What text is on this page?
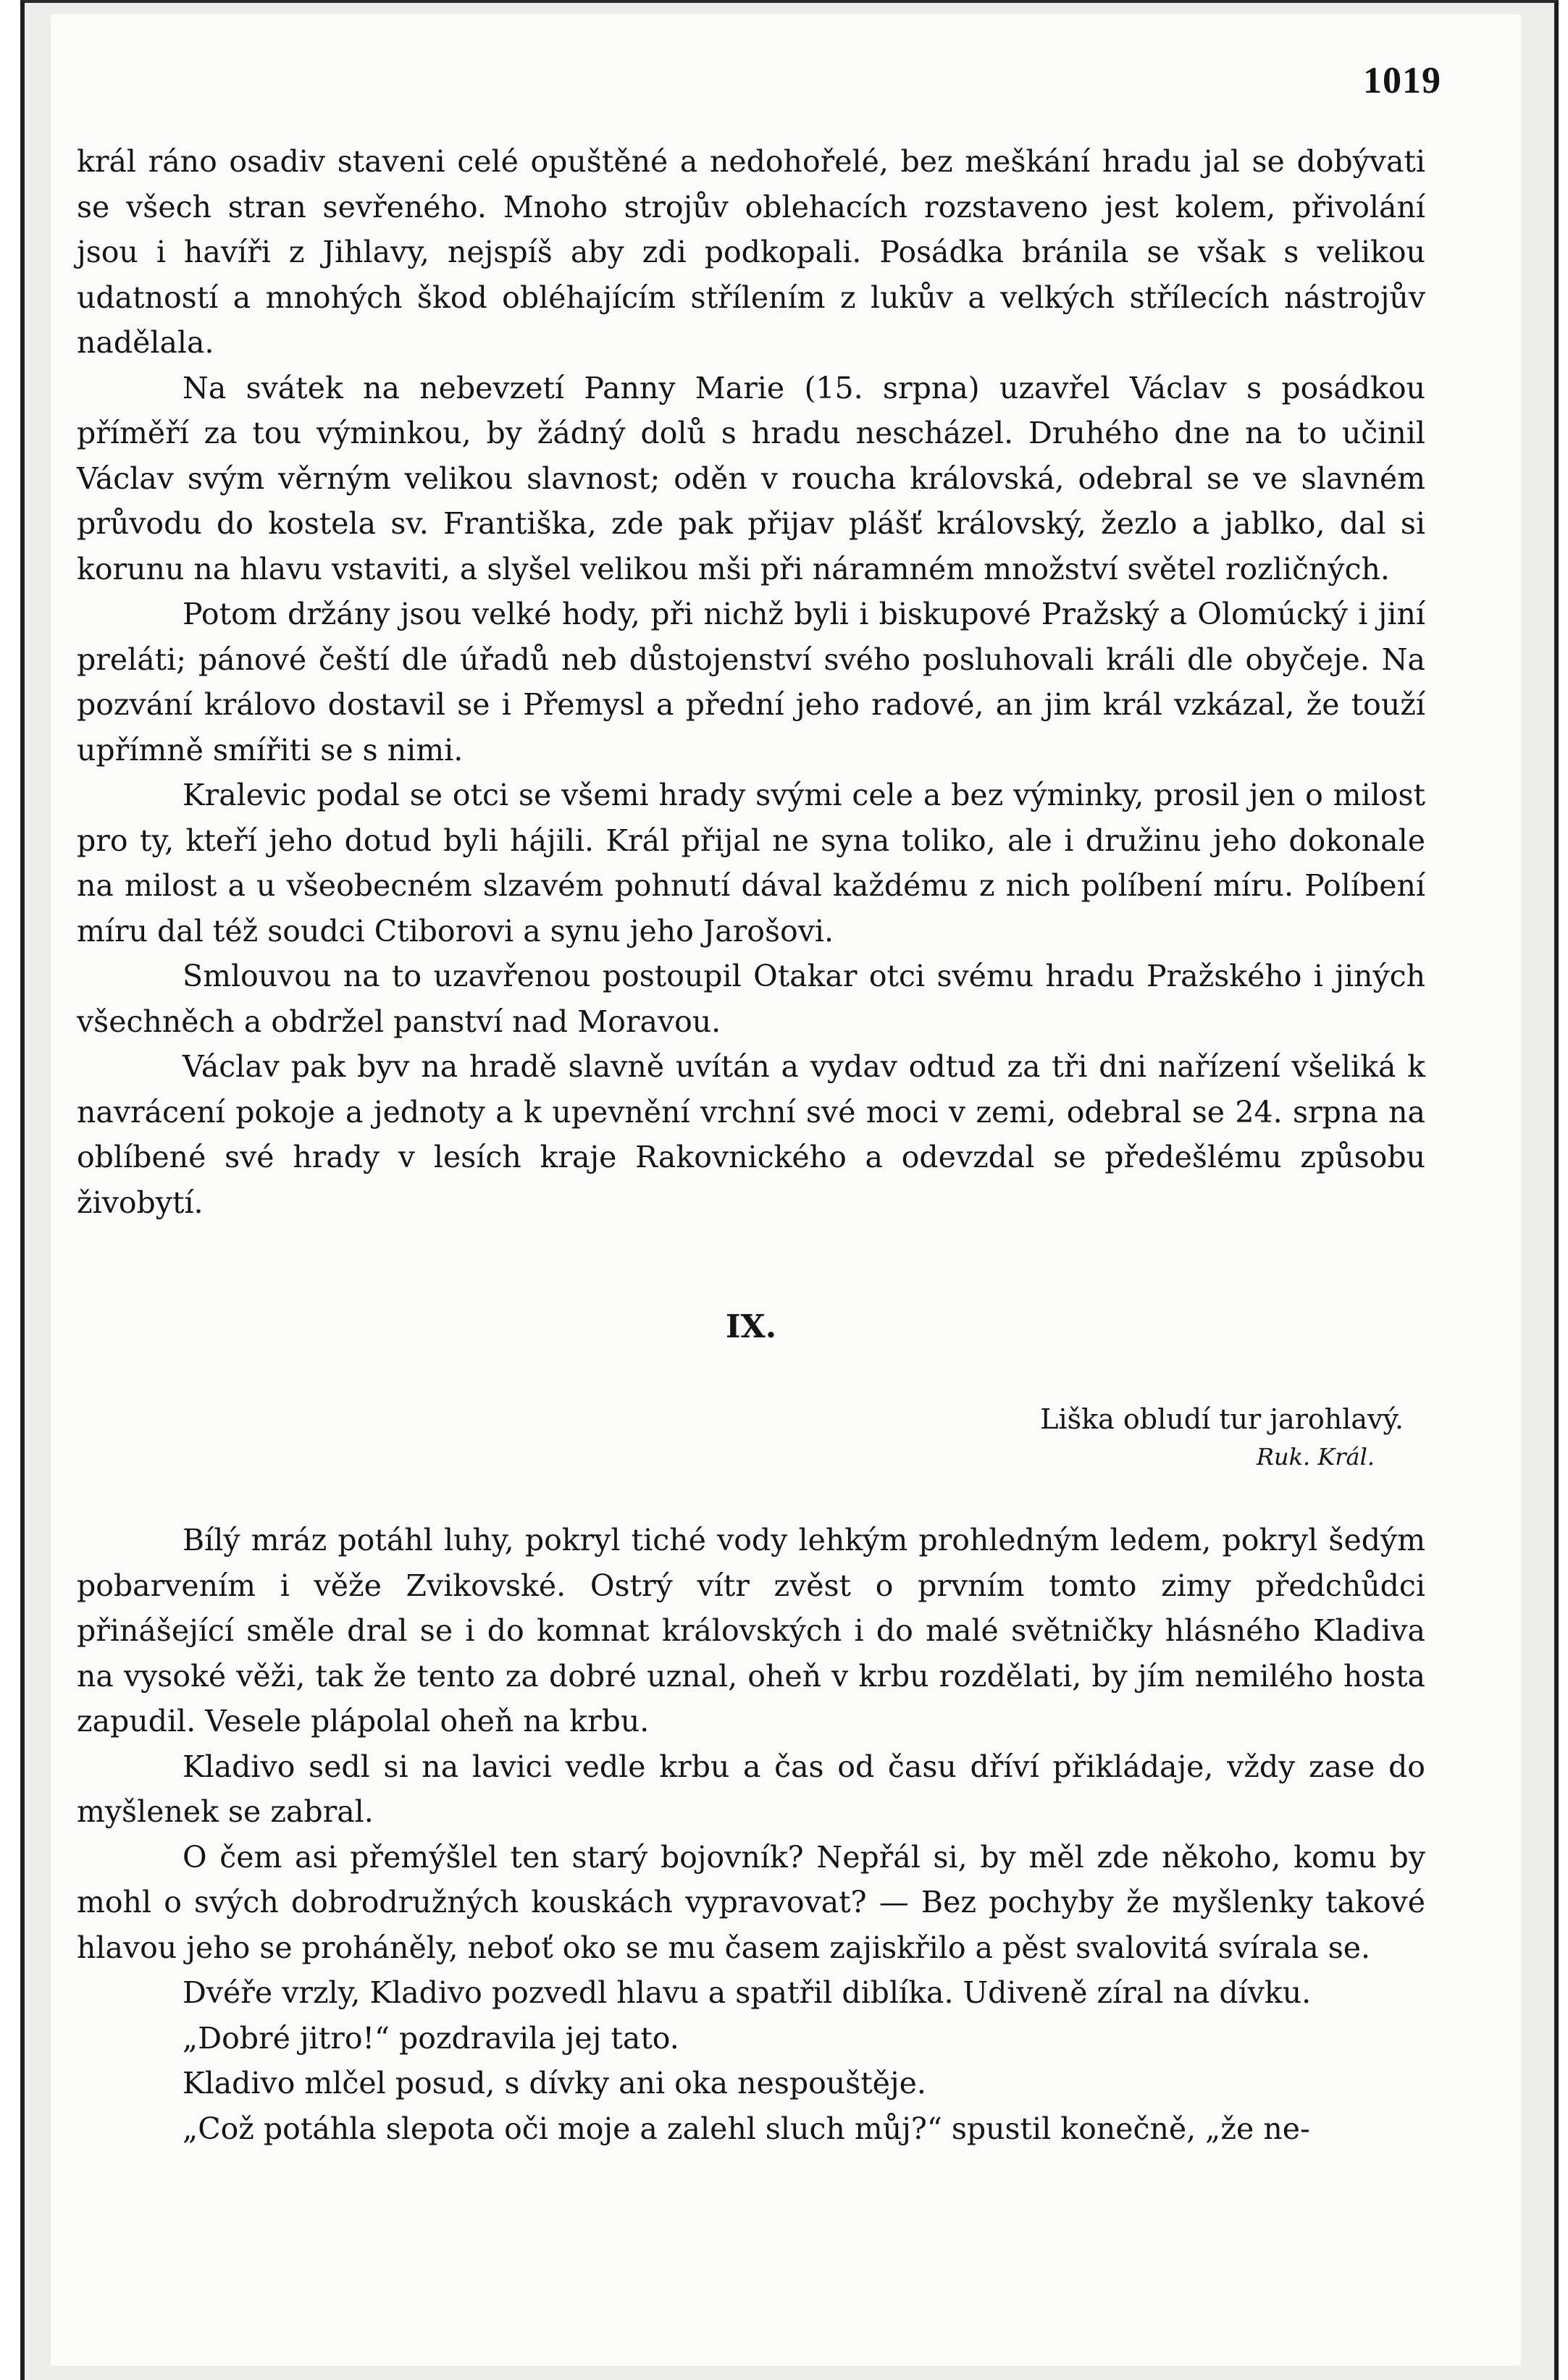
1019

král ráno osadiv staveni celé opuštěné a nedohořelé, bez meškání hradu jal se dobývati se všech stran sevřeného. Mnoho strojův oblehacích rozstaveno jest kolem, přivolání jsou i havíři z Jihlavy, nejspíš aby zdi podkopali. Posádka bránila se však s velikou udatností a mnohých škod obléhajícím střílením z lukův a velkých střílecích nástrojův nadělala.

Na svátek na nebevzetí Panny Marie (15. srpna) uzavřel Václav s posádkou příměří za tou výminkou, by žádný dolů s hradu nescházel. Druhého dne na to učinil Václav svým věrným velikou slavnost; oděn v roucha královská, odebral se ve slavném průvodu do kostela sv. Františka, zde pak přijav plášť královský, žezlo a jablko, dal si korunu na hlavu vstaviti, a slyšel velikou mši při náramném množství světel rozličných.

Potom držány jsou velké hody, při nichž byli i biskupové Pražský a Olomúcký i jiní preláti; pánové čeští dle úřadů neb důstojenství svého posluhovali králi dle obyčeje. Na pozvání královo dostavil se i Přemysl a přední jeho radové, an jim král vzkázal, že touží upřímně smířiti se s nimi.

Kralevic podal se otci se všemi hrady svými cele a bez výminky, prosil jen o milost pro ty, kteří jeho dotud byli hájili. Král přijal ne syna toliko, ale i družinu jeho dokonale na milost a u všeobecném slzavém pohnutí dával každému z nich políbení míru. Políbení míru dal též soudci Ctiborovi a synu jeho Jarošovi.

Smlouvou na to uzavřenou postoupil Otakar otci svému hradu Pražského i jiných všechněch a obdržel panství nad Moravou.

Václav pak byv na hradě slavně uvítán a vydav odtud za tři dni nařízení všeliká k navrácení pokoje a jednoty a k upevnění vrchní své moci v zemi, odebral se 24. srpna na oblíbené své hrady v lesích kraje Rakovnického a odevzdal se předešlému způsobu živobytí.

IX.
Liška obludí tur jarohlavý.
Ruk. Král.

Bílý mráz potáhl luhy, pokryl tiché vody lehkým prohledným ledem, pokryl šedým pobarvením i věže Zvikovské. Ostrý vítr zvěst o prvním tomto zimy předchůdci přinášející směle dral se i do komnat královských i do malé světničky hlásného Kladiva na vysoké věži, tak že tento za dobré uznal, oheň v krbu rozdělati, by jím nemilého hosta zapudil. Vesele plápolal oheň na krbu.

Kladivo sedl si na lavici vedle krbu a čas od času dříví přikládaje, vždy zase do myšlenek se zabral.

O čem asi přemýšlel ten starý bojovník? Nepřál si, by měl zde někoho, komu by mohl o svých dobrodružných kouskách vypravovat? — Bez pochyby že myšlenky takové hlavou jeho se proháněly, neboť oko se mu časem zajiskřilo a pěst svalovitá svírala se.

Dvéře vrzly, Kladivo pozvedl hlavu a spatřil diblíka. Udiveně zíral na dívku.

„Dobré jitro!“ pozdravila jej tato.

Kladivo mlčel posud, s dívky ani oka nespouštěje.

„Což potáhla slepota oči moje a zalehl sluch můj?“ spustil konečně, „že ne-
